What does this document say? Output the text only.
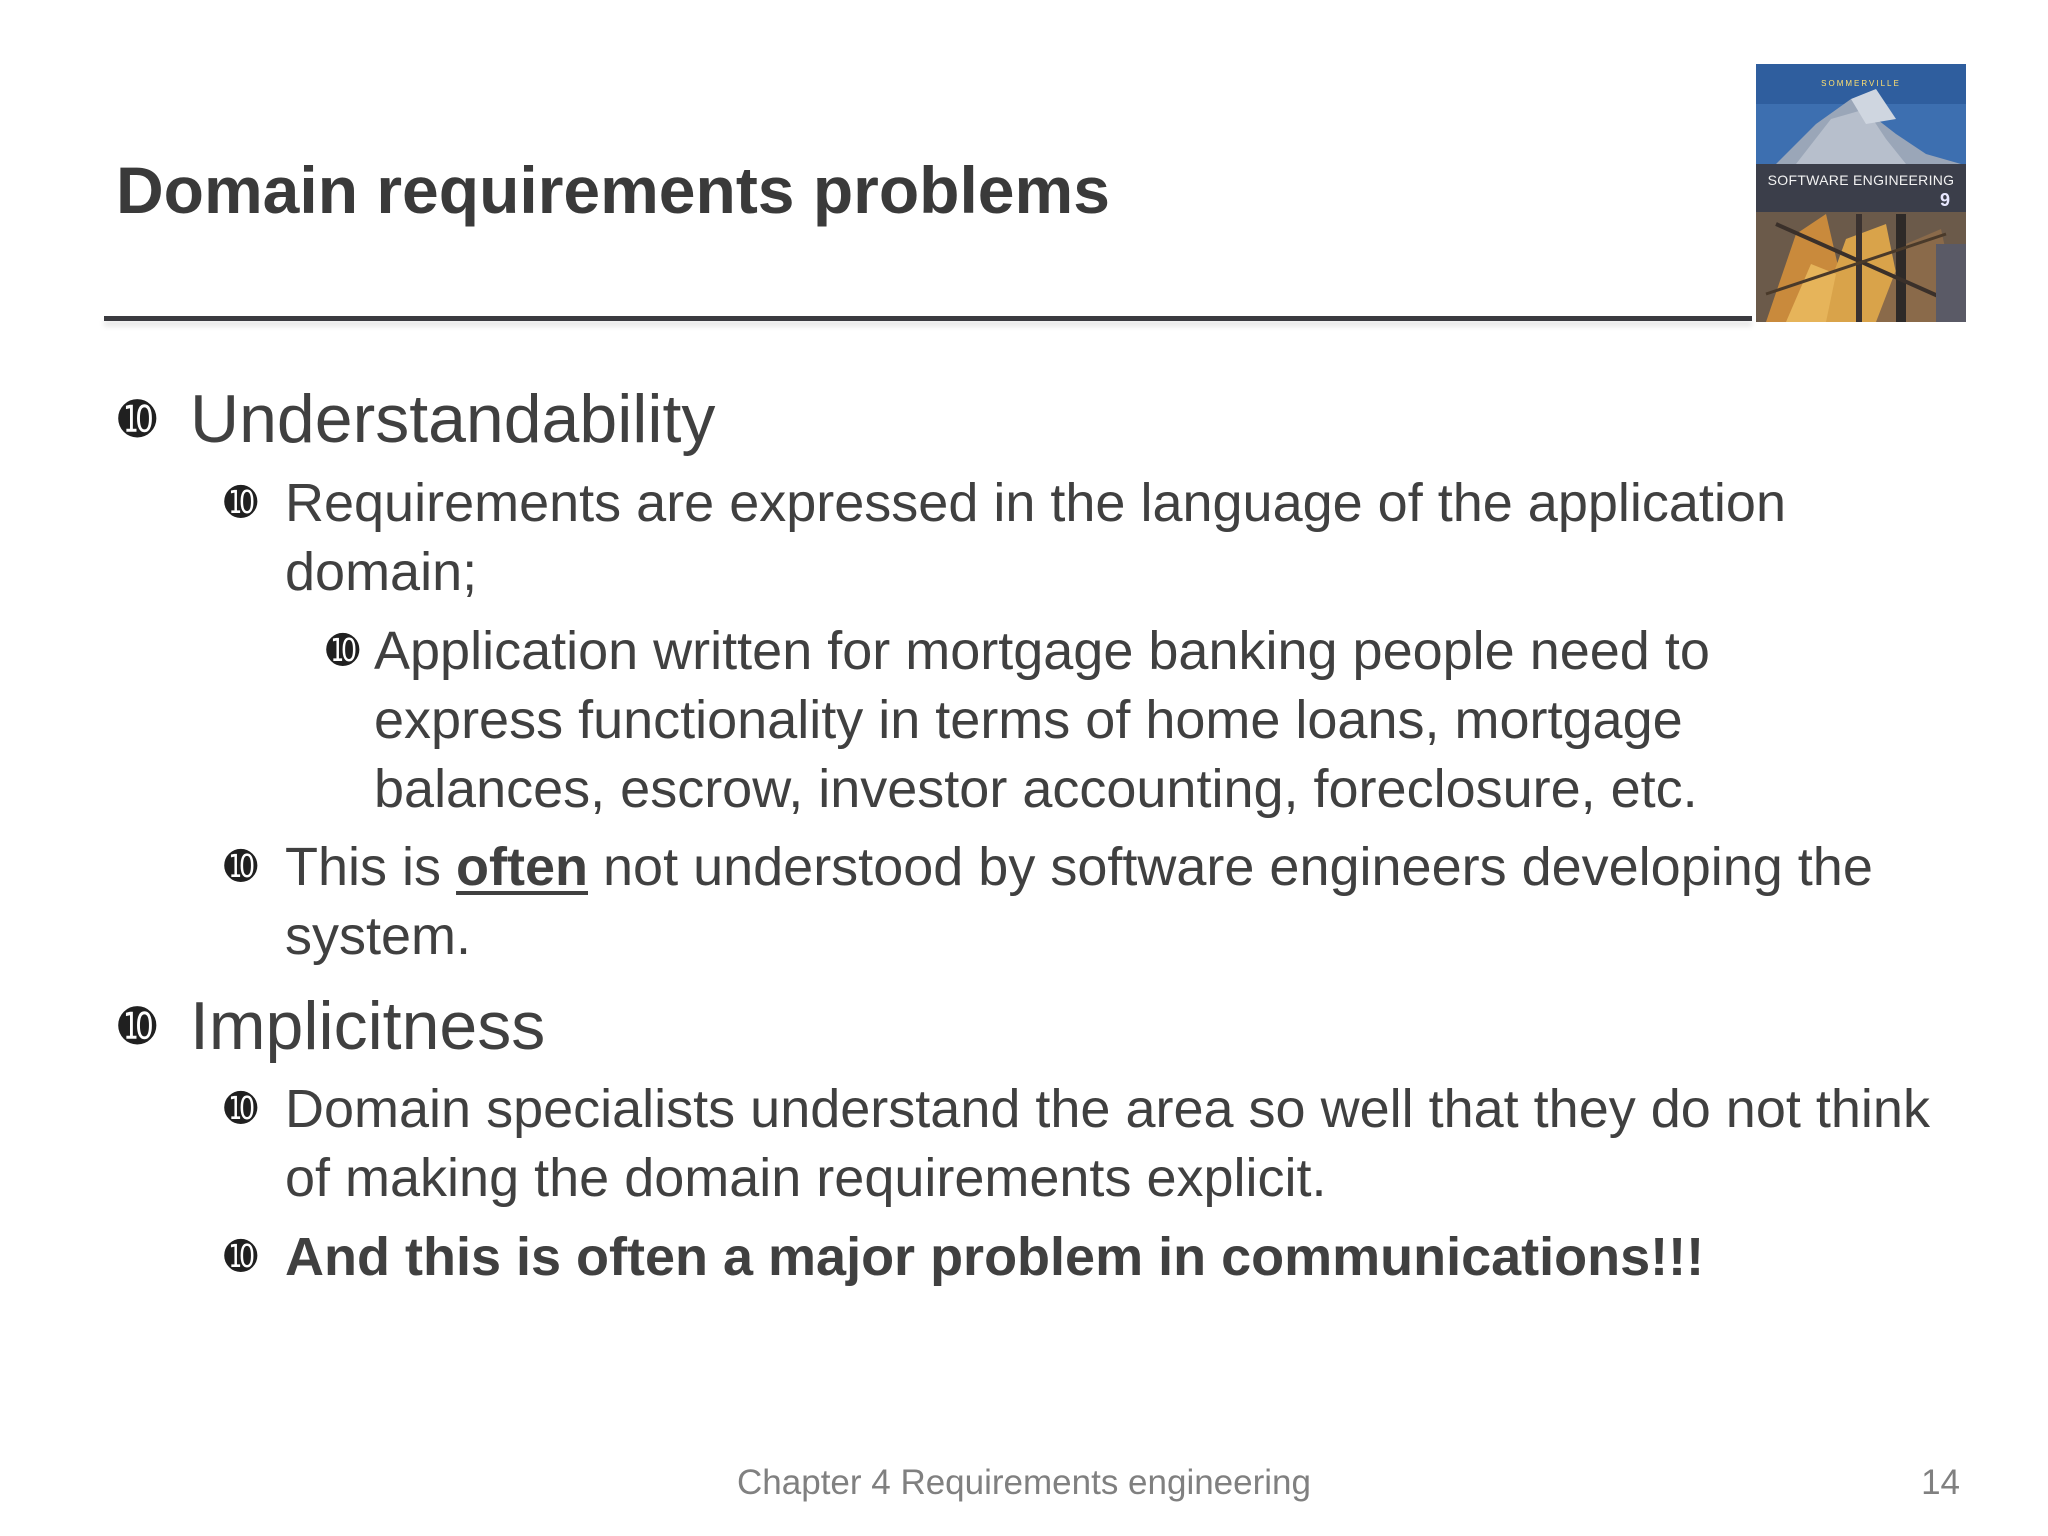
Domain requirements problems
SOMMERVILLE
SOFTWARE ENGINEERING
9
➓ Understandability
➓ Requirements are expressed in the language of the application domain;
➓ Application written for mortgage banking people need to express functionality in terms of home loans, mortgage balances, escrow, investor accounting, foreclosure, etc.
➓ This is often not understood by software engineers developing the system.
➓ Implicitness
➓ Domain specialists understand the area so well that they do not think of making the domain requirements explicit.
➓ And this is often a major problem in communications!!!
Chapter 4 Requirements engineering	14
